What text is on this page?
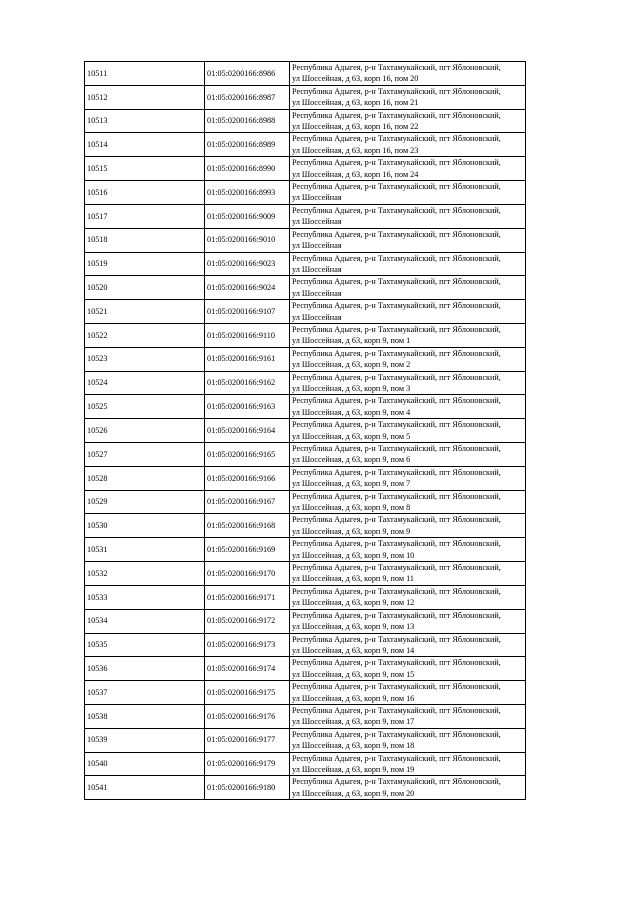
10511	01:05:0200166:8986	Республика Адыгея, р-н Тахтамукайский, пгт Яблоновский,
ул Шоссейная, д 63, корп 16, пом 20

10512	01:05:0200166:8987	Республика Адыгея, р-н Тахтамукайский, пгт Яблоновский,
ул Шоссейная, д 63, корп 16, пом 21

10513	01:05:0200166:8988	Республика Адыгея, р-н Тахтамукайский, пгт Яблоновский,
ул Шоссейная, д 63, корп 16, пом 22

10514	01:05:0200166:8989	Республика Адыгея, р-н Тахтамукайский, пгт Яблоновский,
ул Шоссейная, д 63, корп 16, пом 23

10515	01:05:0200166:8990	Республика Адыгея, р-н Тахтамукайский, пгт Яблоновский,
ул Шоссейная, д 63, корп 16, пом 24

10516	01:05:0200166:8993	Республика Адыгея, р-н Тахтамукайский, пгт Яблоновский,
ул Шоссейная

10517	01:05:0200166:9009	Республика Адыгея, р-н Тахтамукайский, пгт Яблоновский,
ул Шоссейная

10518	01:05:0200166:9010	Республика Адыгея, р-н Тахтамукайский, пгт Яблоновский,
ул Шоссейная

10519	01:05:0200166:9023	Республика Адыгея, р-н Тахтамукайский, пгт Яблоновский,
ул Шоссейная

10520	01:05:0200166:9024	Республика Адыгея, р-н Тахтамукайский, пгт Яблоновский,
ул Шоссейная

10521	01:05:0200166:9107	Республика Адыгея, р-н Тахтамукайский, пгт Яблоновский,
ул Шоссейная

10522	01:05:0200166:9110	Республика Адыгея, р-н Тахтамукайский, пгт Яблоновский,
ул Шоссейная, д 63, корп 9, пом 1

10523	01:05:0200166:9161	Республика Адыгея, р-н Тахтамукайский, пгт Яблоновский,
ул Шоссейная, д 63, корп 9, пом 2

10524	01:05:0200166:9162	Республика Адыгея, р-н Тахтамукайский, пгт Яблоновский,
ул Шоссейная, д 63, корп 9, пом 3

10525	01:05:0200166:9163	Республика Адыгея, р-н Тахтамукайский, пгт Яблоновский,
ул Шоссейная, д 63, корп 9, пом 4

10526	01:05:0200166:9164	Республика Адыгея, р-н Тахтамукайский, пгт Яблоновский,
ул Шоссейная, д 63, корп 9, пом 5

10527	01:05:0200166:9165	Республика Адыгея, р-н Тахтамукайский, пгт Яблоновский,
ул Шоссейная, д 63, корп 9, пом 6

10528	01:05:0200166:9166	Республика Адыгея, р-н Тахтамукайский, пгт Яблоновский,
ул Шоссейная, д 63, корп 9, пом 7

10529	01:05:0200166:9167	Республика Адыгея, р-н Тахтамукайский, пгт Яблоновский,
ул Шоссейная, д 63, корп 9, пом 8

10530	01:05:0200166:9168	Республика Адыгея, р-н Тахтамукайский, пгт Яблоновский,
ул Шоссейная, д 63, корп 9, пом 9

10531	01:05:0200166:9169	Республика Адыгея, р-н Тахтамукайский, пгт Яблоновский,
ул Шоссейная, д 63, корп 9, пом 10

10532	01:05:0200166:9170	Республика Адыгея, р-н Тахтамукайский, пгт Яблоновский,
ул Шоссейная, д 63, корп 9, пом 11

10533	01:05:0200166:9171	Республика Адыгея, р-н Тахтамукайский, пгт Яблоновский,
ул Шоссейная, д 63, корп 9, пом 12

10534	01:05:0200166:9172	Республика Адыгея, р-н Тахтамукайский, пгт Яблоновский,
ул Шоссейная, д 63, корп 9, пом 13

10535	01:05:0200166:9173	Республика Адыгея, р-н Тахтамукайский, пгт Яблоновский,
ул Шоссейная, д 63, корп 9, пом 14

10536	01:05:0200166:9174	Республика Адыгея, р-н Тахтамукайский, пгт Яблоновский,
ул Шоссейная, д 63, корп 9, пом 15

10537	01:05:0200166:9175	Республика Адыгея, р-н Тахтамукайский, пгт Яблоновский,
ул Шоссейная, д 63, корп 9, пом 16

10538	01:05:0200166:9176	Республика Адыгея, р-н Тахтамукайский, пгт Яблоновский,
ул Шоссейная, д 63, корп 9, пом 17

10539	01:05:0200166:9177	Республика Адыгея, р-н Тахтамукайский, пгт Яблоновский,
ул Шоссейная, д 63, корп 9, пом 18

10540	01:05:0200166:9179	Республика Адыгея, р-н Тахтамукайский, пгт Яблоновский,
ул Шоссейная, д 63, корп 9, пом 19

10541	01:05:0200166:9180	Республика Адыгея, р-н Тахтамукайский, пгт Яблоновский,
ул Шоссейная, д 63, корп 9, пом 20
